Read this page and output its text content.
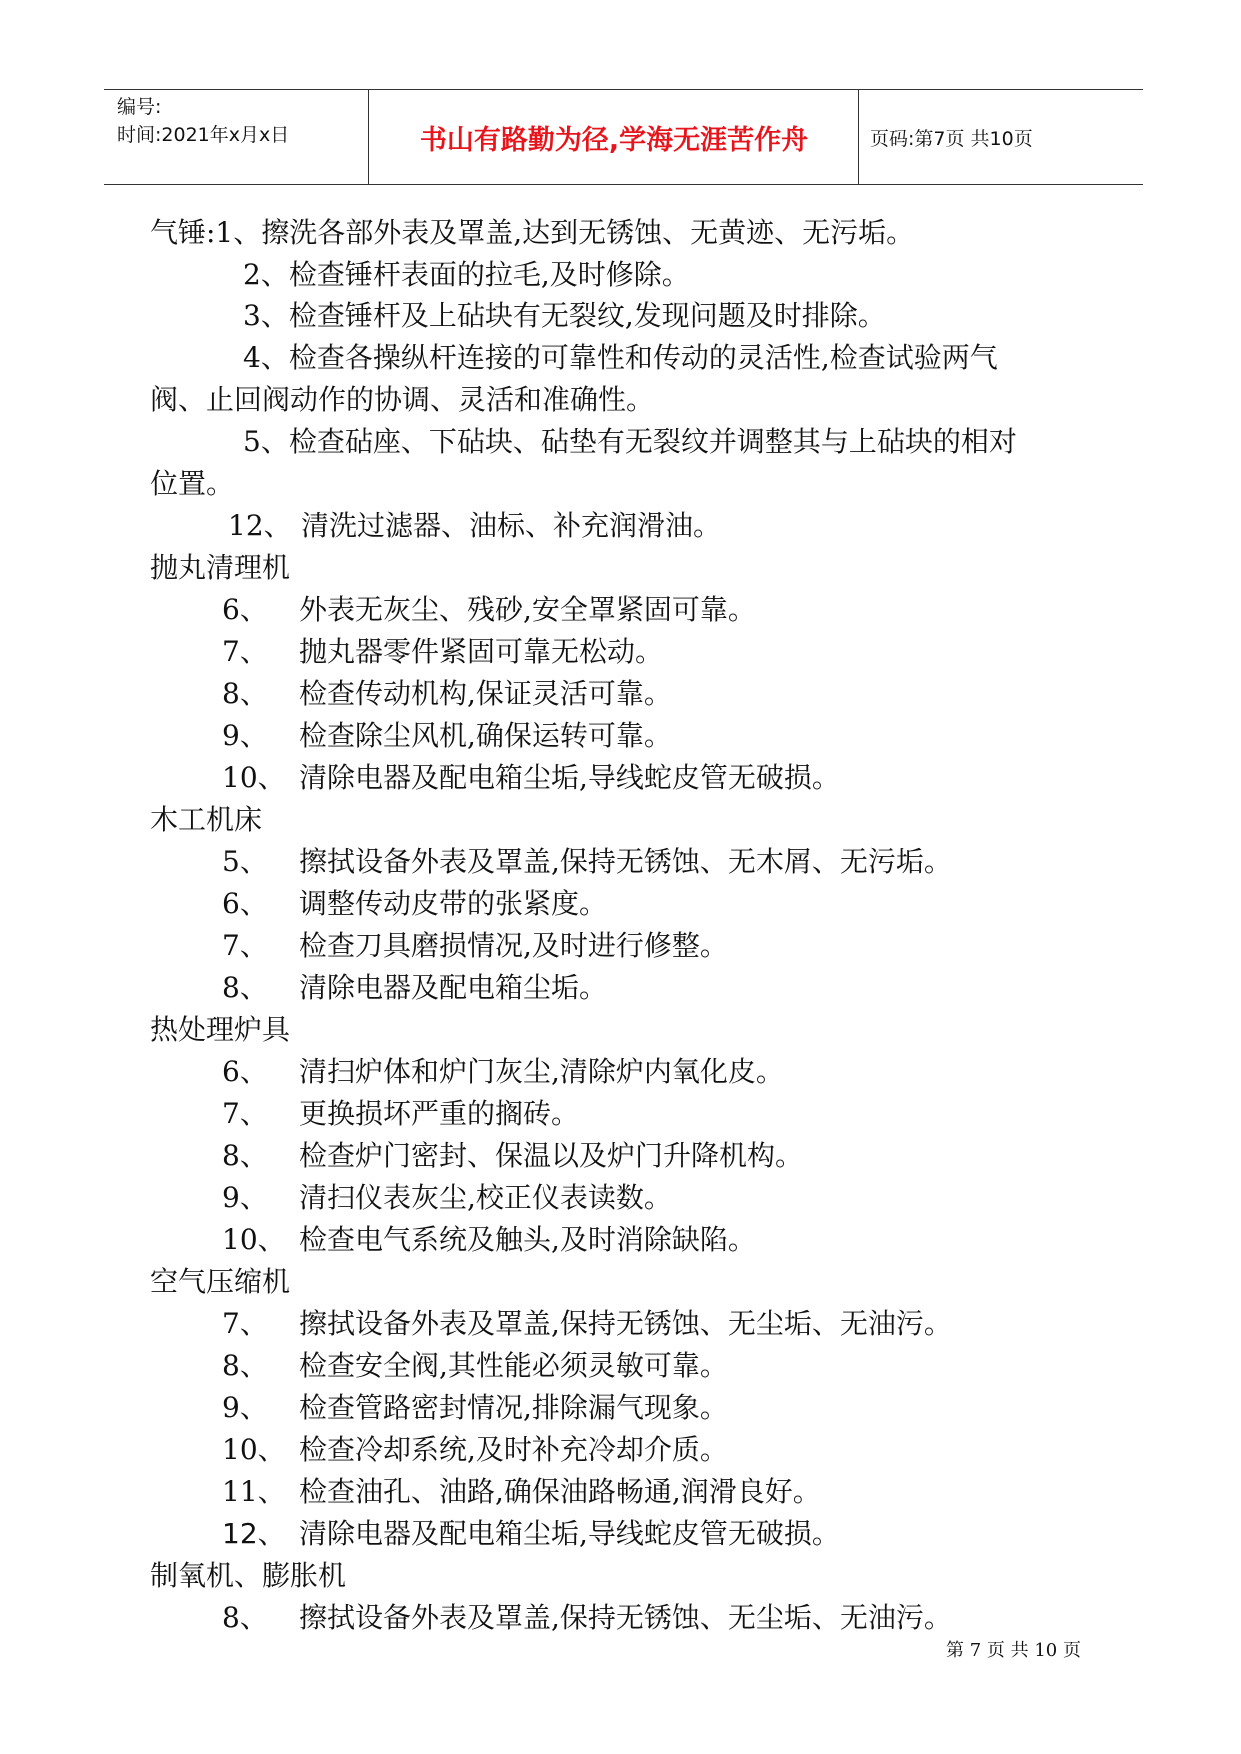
编号:
时间:2021年x月x日	书山有路勤为径,学海无涯苦作舟	页码:第7页 共10页
气锤:1、擦洗各部外表及罩盖,达到无锈蚀、无黄迹、无污垢。
2、检查锤杆表面的拉毛,及时修除。
3、检查锤杆及上砧块有无裂纹,发现问题及时排除。
4、检查各操纵杆连接的可靠性和传动的灵活性,检查试验两气
阀、止回阀动作的协调、灵活和准确性。
5、检查砧座、下砧块、砧垫有无裂纹并调整其与上砧块的相对
位置。
12、 清洗过滤器、油标、补充润滑油。
抛丸清理机
6、 外表无灰尘、残砂,安全罩紧固可靠。
7、 抛丸器零件紧固可靠无松动。
8、 检查传动机构,保证灵活可靠。
9、 检查除尘风机,确保运转可靠。
10、 清除电器及配电箱尘垢,导线蛇皮管无破损。
木工机床
5、 擦拭设备外表及罩盖,保持无锈蚀、无木屑、无污垢。
6、 调整传动皮带的张紧度。
7、 检查刀具磨损情况,及时进行修整。
8、 清除电器及配电箱尘垢。
热处理炉具
6、 清扫炉体和炉门灰尘,清除炉内氧化皮。
7、 更换损坏严重的搁砖。
8、 检查炉门密封、保温以及炉门升降机构。
9、 清扫仪表灰尘,校正仪表读数。
10、 检查电气系统及触头,及时消除缺陷。
空气压缩机
7、 擦拭设备外表及罩盖,保持无锈蚀、无尘垢、无油污。
8、 检查安全阀,其性能必须灵敏可靠。
9、 检查管路密封情况,排除漏气现象。
10、 检查冷却系统,及时补充冷却介质。
11、 检查油孔、油路,确保油路畅通,润滑良好。
12、 清除电器及配电箱尘垢,导线蛇皮管无破损。
制氧机、膨胀机
8、 擦拭设备外表及罩盖,保持无锈蚀、无尘垢、无油污。
第 7 页 共 10 页
